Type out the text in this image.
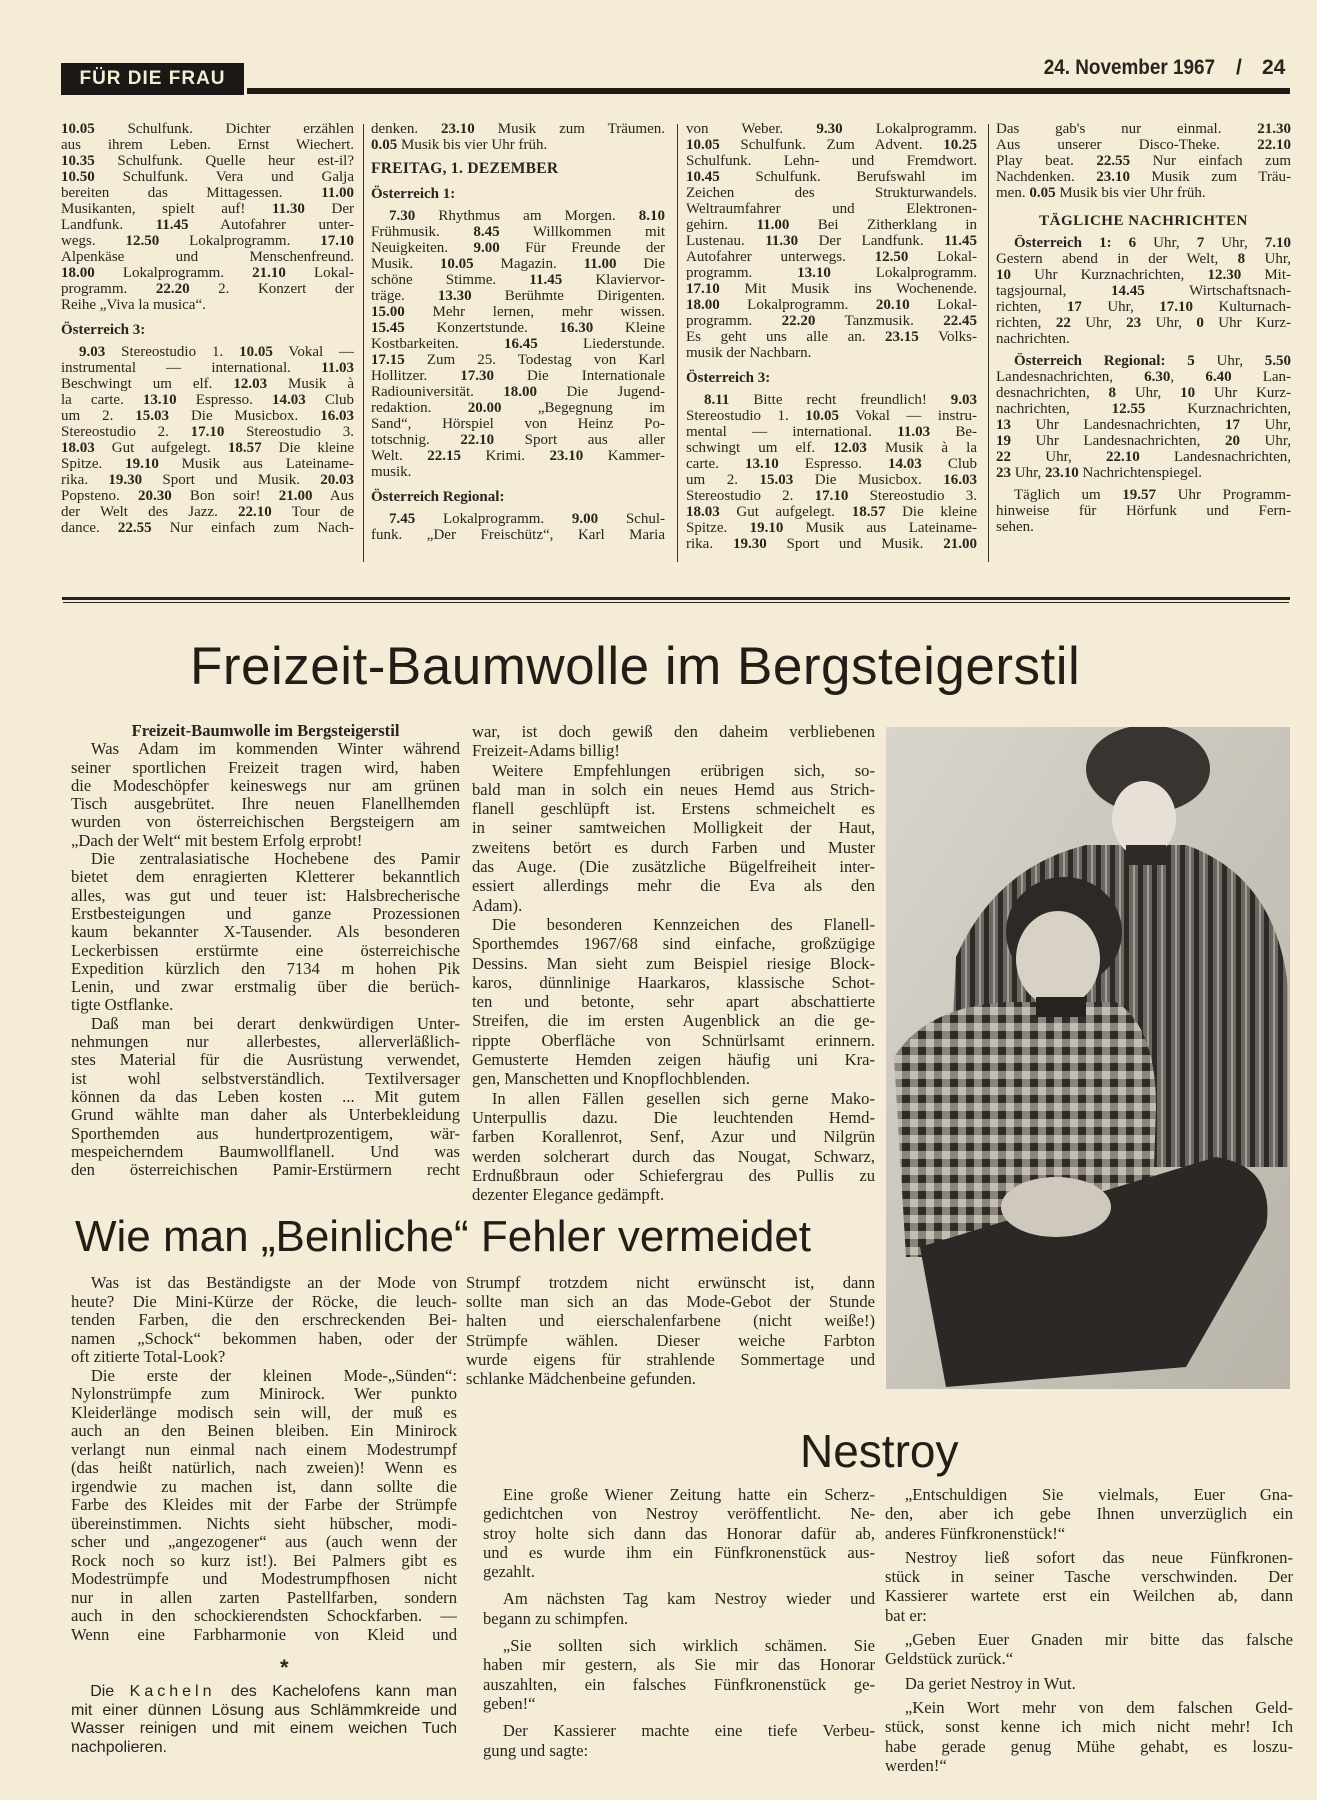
FÜR DIE FRAU	24. November 1967 / 24
10.05 Schulfunk. Dichter erzählen
aus ihrem Leben. Ernst Wiechert.
10.35 Schulfunk. Quelle heur est-il?
10.50 Schulfunk. Vera und Galja
bereiten das Mittagessen. 11.00
Musikanten, spielt auf! 11.30 Der
Landfunk. 11.45 Autofahrer unter-
wegs. 12.50 Lokalprogramm. 17.10
Alpenkäse und Menschenfreund.
18.00 Lokalprogramm. 21.10 Lokal-
programm. 22.20 2. Konzert der
Reihe „Viva la musica“.
Österreich 3:
9.03 Stereostudio 1. 10.05 Vokal —
instrumental — international. 11.03
Beschwingt um elf. 12.03 Musik à
la carte. 13.10 Espresso. 14.03 Club
um 2. 15.03 Die Musicbox. 16.03
Stereostudio 2. 17.10 Stereostudio 3.
18.03 Gut aufgelegt. 18.57 Die kleine
Spitze. 19.10 Musik aus Lateiname-
rika. 19.30 Sport und Musik. 20.03
Popsteno. 20.30 Bon soir! 21.00 Aus
der Welt des Jazz. 22.10 Tour de
dance. 22.55 Nur einfach zum Nach-
denken. 23.10 Musik zum Träumen.
0.05 Musik bis vier Uhr früh.
FREITAG, 1. DEZEMBER
Österreich 1:
7.30 Rhythmus am Morgen. 8.10
Frühmusik. 8.45 Willkommen mit
Neuigkeiten. 9.00 Für Freunde der
Musik. 10.05 Magazin. 11.00 Die
schöne Stimme. 11.45 Klaviervor-
träge. 13.30 Berühmte Dirigenten.
15.00 Mehr lernen, mehr wissen.
15.45 Konzertstunde. 16.30 Kleine
Kostbarkeiten. 16.45 Liederstunde.
17.15 Zum 25. Todestag von Karl
Hollitzer. 17.30 Die Internationale
Radiouniversität. 18.00 Die Jugend-
redaktion. 20.00 „Begegnung im
Sand“, Hörspiel von Heinz Po-
totschnig. 22.10 Sport aus aller
Welt. 22.15 Krimi. 23.10 Kammer-
musik.
Österreich Regional:
7.45 Lokalprogramm. 9.00 Schul-
funk. „Der Freischütz“, Karl Maria
von Weber. 9.30 Lokalprogramm.
10.05 Schulfunk. Zum Advent. 10.25
Schulfunk. Lehn- und Fremdwort.
10.45 Schulfunk. Berufswahl im
Zeichen des Strukturwandels.
Weltraumfahrer und Elektronen-
gehirn. 11.00 Bei Zitherklang in
Lustenau. 11.30 Der Landfunk. 11.45
Autofahrer unterwegs. 12.50 Lokal-
programm. 13.10 Lokalprogramm.
17.10 Mit Musik ins Wochenende.
18.00 Lokalprogramm. 20.10 Lokal-
programm. 22.20 Tanzmusik. 22.45
Es geht uns alle an. 23.15 Volks-
musik der Nachbarn.
Österreich 3:
8.11 Bitte recht freundlich! 9.03
Stereostudio 1. 10.05 Vokal — instru-
mental — international. 11.03 Be-
schwingt um elf. 12.03 Musik à la
carte. 13.10 Espresso. 14.03 Club
um 2. 15.03 Die Musicbox. 16.03
Stereostudio 2. 17.10 Stereostudio 3.
18.03 Gut aufgelegt. 18.57 Die kleine
Spitze. 19.10 Musik aus Lateiname-
rika. 19.30 Sport und Musik. 21.00
Das gab's nur einmal. 21.30
Aus unserer Disco-Theke. 22.10
Play beat. 22.55 Nur einfach zum
Nachdenken. 23.10 Musik zum Träu-
men. 0.05 Musik bis vier Uhr früh.
TÄGLICHE NACHRICHTEN
Österreich 1: 6 Uhr, 7 Uhr, 7.10
Gestern abend in der Welt, 8 Uhr,
10 Uhr Kurznachrichten, 12.30 Mit-
tagsjournal, 14.45 Wirtschaftsnach-
richten, 17 Uhr, 17.10 Kulturnach-
richten, 22 Uhr, 23 Uhr, 0 Uhr Kurz-
nachrichten.
Österreich Regional: 5 Uhr, 5.50
Landesnachrichten, 6.30, 6.40 Lan-
desnachrichten, 8 Uhr, 10 Uhr Kurz-
nachrichten, 12.55 Kurznachrichten,
13 Uhr Landesnachrichten, 17 Uhr,
19 Uhr Landesnachrichten, 20 Uhr,
22 Uhr, 22.10 Landesnachrichten,
23 Uhr, 23.10 Nachrichtenspiegel.
Täglich um 19.57 Uhr Programm-
hinweise für Hörfunk und Fern-
sehen.
Freizeit-Baumwolle im Bergsteigerstil
Freizeit-Baumwolle im Bergsteigerstil
Was Adam im kommenden Winter während
seiner sportlichen Freizeit tragen wird, haben
die Modeschöpfer keineswegs nur am grünen
Tisch ausgebrütet. Ihre neuen Flanellhemden
wurden von österreichischen Bergsteigern am
„Dach der Welt“ mit bestem Erfolg erprobt!
Die zentralasiatische Hochebene des Pamir
bietet dem enragierten Kletterer bekanntlich
alles, was gut und teuer ist: Halsbrecherische
Erstbesteigungen und ganze Prozessionen
kaum bekannter X-Tausender. Als besonderen
Leckerbissen erstürmte eine österreichische
Expedition kürzlich den 7134 m hohen Pik
Lenin, und zwar erstmalig über die berüch-
tigte Ostflanke.
Daß man bei derart denkwürdigen Unter-
nehmungen nur allerbestes, allerverläßlich-
stes Material für die Ausrüstung verwendet,
ist wohl selbstverständlich. Textilversager
können da das Leben kosten ... Mit gutem
Grund wählte man daher als Unterbekleidung
Sporthemden aus hundertprozentigem, wär-
mespeicherndem Baumwollflanell. Und was
den österreichischen Pamir-Erstürmern recht
war, ist doch gewiß den daheim verbliebenen
Freizeit-Adams billig!
Weitere Empfehlungen erübrigen sich, so-
bald man in solch ein neues Hemd aus Strich-
flanell geschlüpft ist. Erstens schmeichelt es
in seiner samtweichen Molligkeit der Haut,
zweitens betört es durch Farben und Muster
das Auge. (Die zusätzliche Bügelfreiheit inter-
essiert allerdings mehr die Eva als den
Adam).
Die besonderen Kennzeichen des Flanell-
Sporthemdes 1967/68 sind einfache, großzügige
Dessins. Man sieht zum Beispiel riesige Block-
karos, dünnlinige Haarkaros, klassische Schot-
ten und betonte, sehr apart abschattierte
Streifen, die im ersten Augenblick an die ge-
rippte Oberfläche von Schnürlsamt erinnern.
Gemusterte Hemden zeigen häufig uni Kra-
gen, Manschetten und Knopflochblenden.
In allen Fällen gesellen sich gerne Mako-
Unterpullis dazu. Die leuchtenden Hemd-
farben Korallenrot, Senf, Azur und Nilgrün
werden solcherart durch das Nougat, Schwarz,
Erdnußbraun oder Schiefergrau des Pullis zu
dezenter Elegance gedämpft.
Wie man „Beinliche“ Fehler vermeidet
Was ist das Beständigste an der Mode von
heute? Die Mini-Kürze der Röcke, die leuch-
tenden Farben, die den erschreckenden Bei-
namen „Schock“ bekommen haben, oder der
oft zitierte Total-Look?
Die erste der kleinen Mode-„Sünden“:
Nylonstrümpfe zum Minirock. Wer punkto
Kleiderlänge modisch sein will, der muß es
auch an den Beinen bleiben. Ein Minirock
verlangt nun einmal nach einem Modestrumpf
(das heißt natürlich, nach zweien)! Wenn es
irgendwie zu machen ist, dann sollte die
Farbe des Kleides mit der Farbe der Strümpfe
übereinstimmen. Nichts sieht hübscher, modi-
scher und „angezogener“ aus (auch wenn der
Rock noch so kurz ist!). Bei Palmers gibt es
Modestrümpfe und Modestrumpfhosen nicht
nur in allen zarten Pastellfarben, sondern
auch in den schockierendsten Schockfarben. —
Wenn eine Farbharmonie von Kleid und
Strumpf trotzdem nicht erwünscht ist, dann
sollte man sich an das Mode-Gebot der Stunde
halten und eierschalenfarbene (nicht weiße!)
Strümpfe wählen. Dieser weiche Farbton
wurde eigens für strahlende Sommertage und
schlanke Mädchenbeine gefunden.
*
Die Kacheln des Kachelofens kann man
mit einer dünnen Lösung aus Schlämmkreide und
Wasser reinigen und mit einem weichen Tuch
nachpolieren.
Nestroy
Eine große Wiener Zeitung hatte ein Scherz-
gedichtchen von Nestroy veröffentlicht. Ne-
stroy holte sich dann das Honorar dafür ab,
und es wurde ihm ein Fünfkronenstück aus-
gezahlt.
Am nächsten Tag kam Nestroy wieder und
begann zu schimpfen.
„Sie sollten sich wirklich schämen. Sie
haben mir gestern, als Sie mir das Honorar
auszahlten, ein falsches Fünfkronenstück ge-
geben!“
Der Kassierer machte eine tiefe Verbeu-
gung und sagte:
„Entschuldigen Sie vielmals, Euer Gna-
den, aber ich gebe Ihnen unverzüglich ein
anderes Fünfkronenstück!“
Nestroy ließ sofort das neue Fünfkronen-
stück in seiner Tasche verschwinden. Der
Kassierer wartete erst ein Weilchen ab, dann
bat er:
„Geben Euer Gnaden mir bitte das falsche
Geldstück zurück.“
Da geriet Nestroy in Wut.
„Kein Wort mehr von dem falschen Geld-
stück, sonst kenne ich mich nicht mehr! Ich
habe gerade genug Mühe gehabt, es loszu-
werden!“
